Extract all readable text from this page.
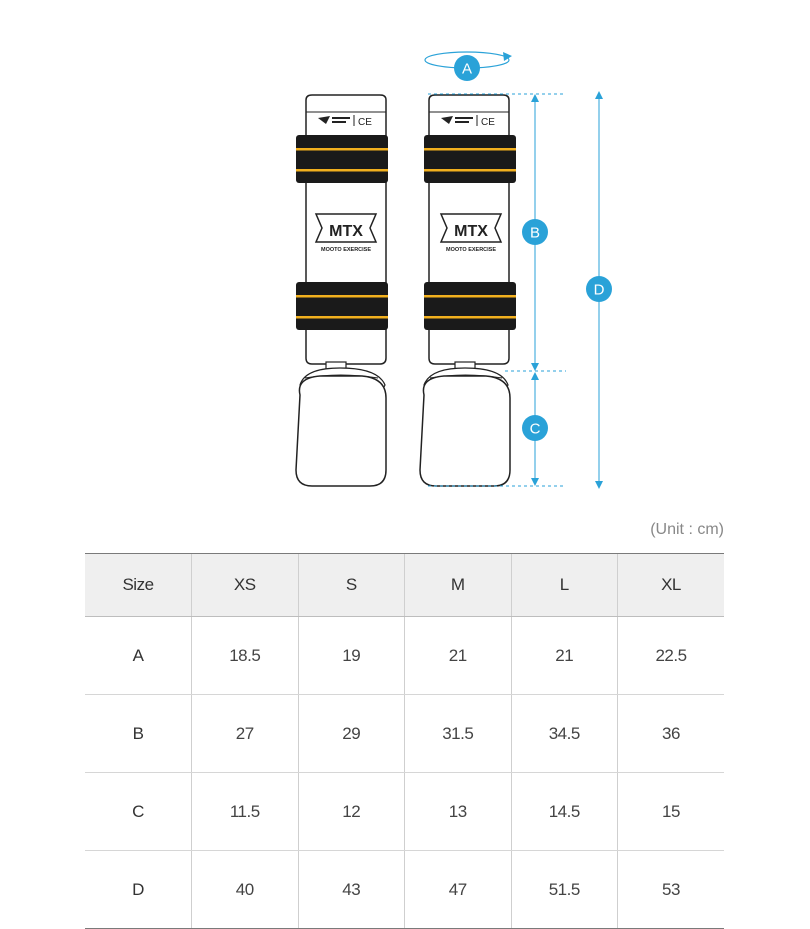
CE
MTX
MOOTO EXERCISE
CE
MTX
MOOTO EXERCISE
A
B
C
D
(Unit : cm)
Size	XS	S	M	L	XL
A	18.5	19	21	21	22.5
B	27	29	31.5	34.5	36
C	11.5	12	13	14.5	15
D	40	43	47	51.5	53
